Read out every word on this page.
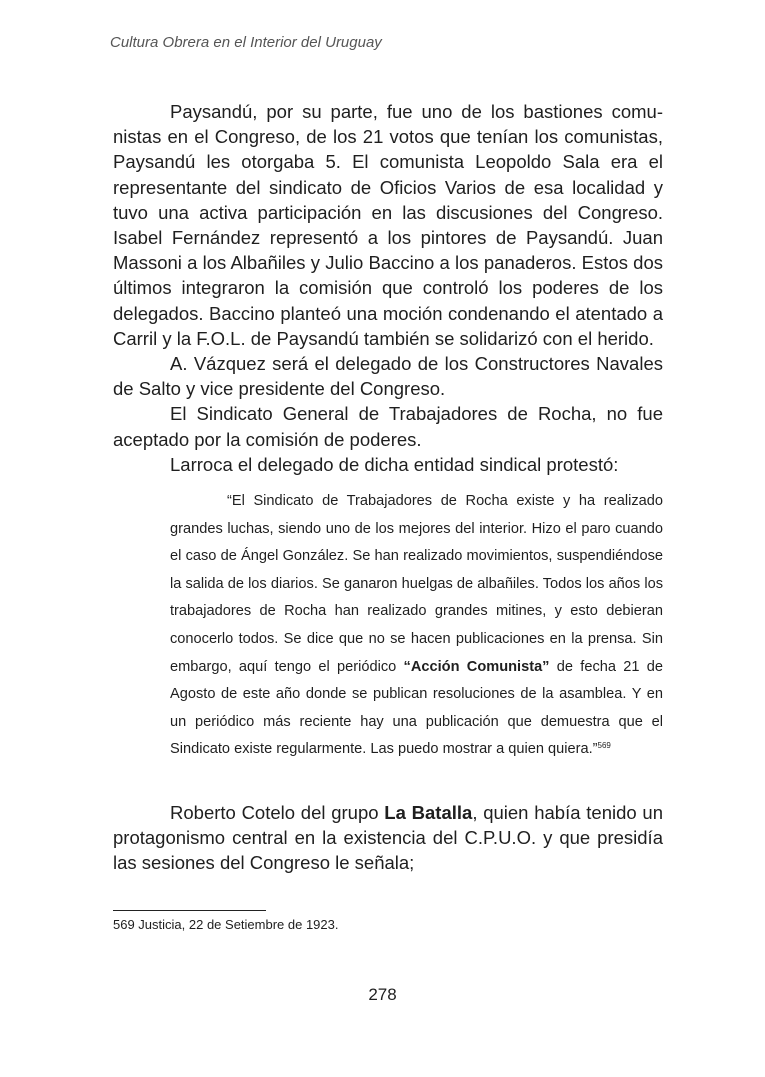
Cultura Obrera en el Interior del Uruguay

Paysandú, por su parte, fue uno de los bastiones comunistas en el Congreso, de los 21 votos que tenían los comunistas, Paysandú les otorgaba 5. El comunista Leopoldo Sala era el representante del sindicato de Oficios Varios de esa localidad y tuvo una activa participación en las discusiones del Congreso. Isabel Fernández representó a los pintores de Paysandú. Juan Massoni a los Albañiles y Julio Baccino a los panaderos. Estos dos últimos integraron la comisión que controló los poderes de los delegados. Baccino planteó una moción condenando el atentado a Carril y la F.O.L. de Paysandú también se solidarizó con el herido.

A. Vázquez será el delegado de los Constructores Navales de Salto y vice presidente del Congreso.

El Sindicato General de Trabajadores de Rocha, no fue aceptado por la comisión de poderes.

Larroca el delegado de dicha entidad sindical protestó:

“El Sindicato de Trabajadores de Rocha existe y ha realizado grandes luchas, siendo uno de los mejores del interior. Hizo el paro cuando el caso de Ángel González. Se han realizado movimientos, suspendiéndose la salida de los diarios. Se ganaron huelgas de albañiles. Todos los años los trabajadores de Rocha han realizado grandes mitines, y esto debieran conocerlo todos. Se dice que no se hacen publicaciones en la prensa. Sin embargo, aquí tengo el periódico “Acción Comunista” de fecha 21 de Agosto de este año donde se publican resoluciones de la asamblea. Y en un periódico más reciente hay una publicación que demuestra que el Sindicato existe regularmente. Las puedo mostrar a quien quiera.”$^{569}$

Roberto Cotelo del grupo La Batalla, quien había tenido un protagonismo central en la existencia del C.P.U.O. y que presidía las sesiones del Congreso le señala;

569 Justicia, 22 de Setiembre de 1923.
278
